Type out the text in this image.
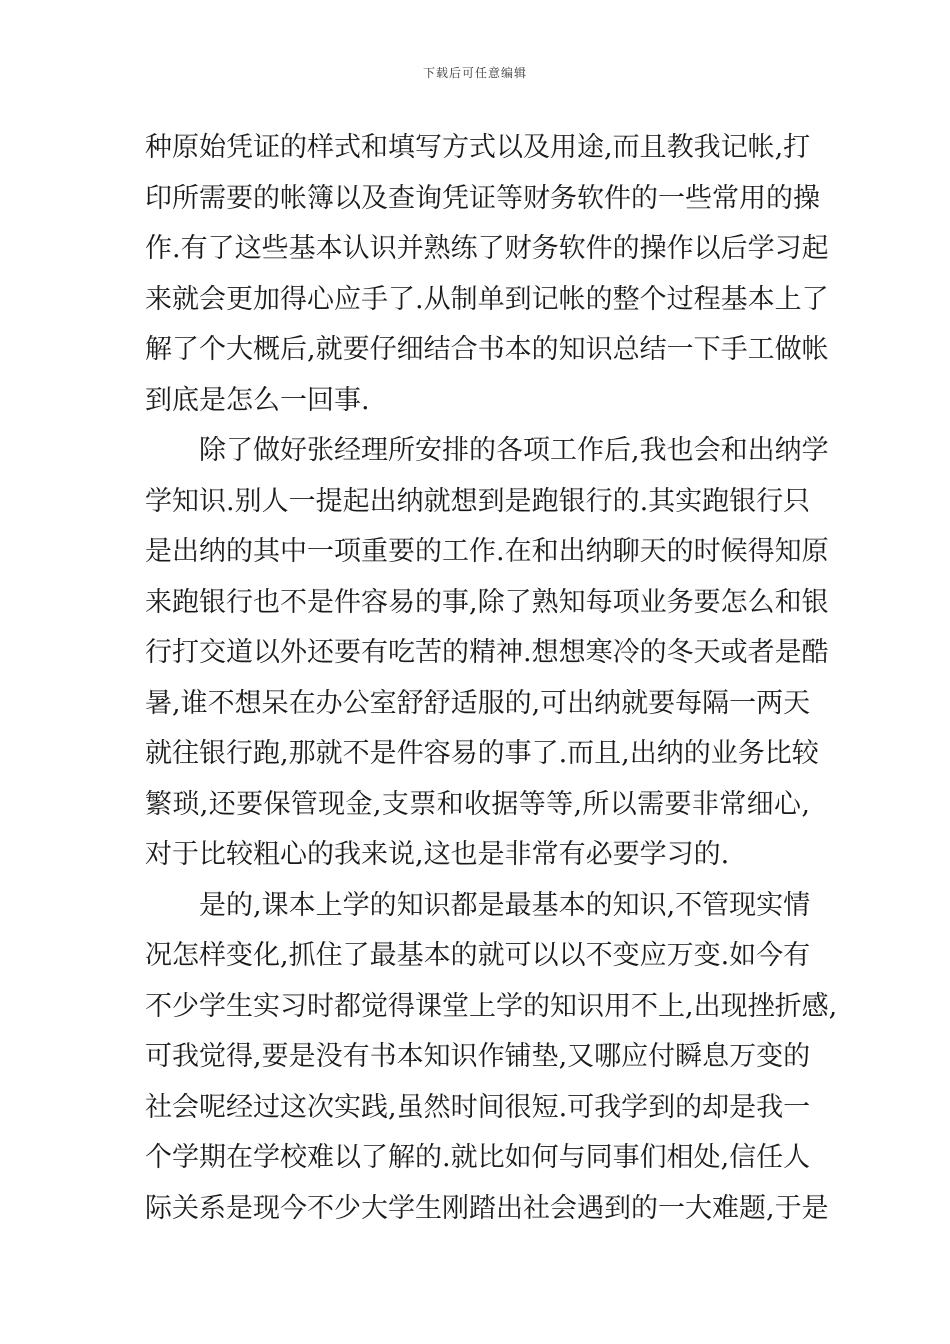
下载后可任意编辑
种原始凭证的样式和填写方式以及用途,而且教我记帐,打
印所需要的帐簿以及查询凭证等财务软件的一些常用的操
作.有了这些基本认识并熟练了财务软件的操作以后学习起
来就会更加得心应手了.从制单到记帐的整个过程基本上了
解了个大概后,就要仔细结合书本的知识总结一下手工做帐
到底是怎么一回事.
除了做好张经理所安排的各项工作后,我也会和出纳学
学知识.别人一提起出纳就想到是跑银行的.其实跑银行只
是出纳的其中一项重要的工作.在和出纳聊天的时候得知原
来跑银行也不是件容易的事,除了熟知每项业务要怎么和银
行打交道以外还要有吃苦的精神.想想寒冷的冬天或者是酷
暑,谁不想呆在办公室舒舒适服的,可出纳就要每隔一两天
就往银行跑,那就不是件容易的事了.而且,出纳的业务比较
繁琐,还要保管现金,支票和收据等等,所以需要非常细心,
对于比较粗心的我来说,这也是非常有必要学习的.
是的,课本上学的知识都是最基本的知识,不管现实情
况怎样变化,抓住了最基本的就可以以不变应万变.如今有
不少学生实习时都觉得课堂上学的知识用不上,出现挫折感,
可我觉得,要是没有书本知识作铺垫,又哪应付瞬息万变的
社会呢经过这次实践,虽然时间很短.可我学到的却是我一
个学期在学校难以了解的.就比如何与同事们相处,信任人
际关系是现今不少大学生刚踏出社会遇到的一大难题,于是
